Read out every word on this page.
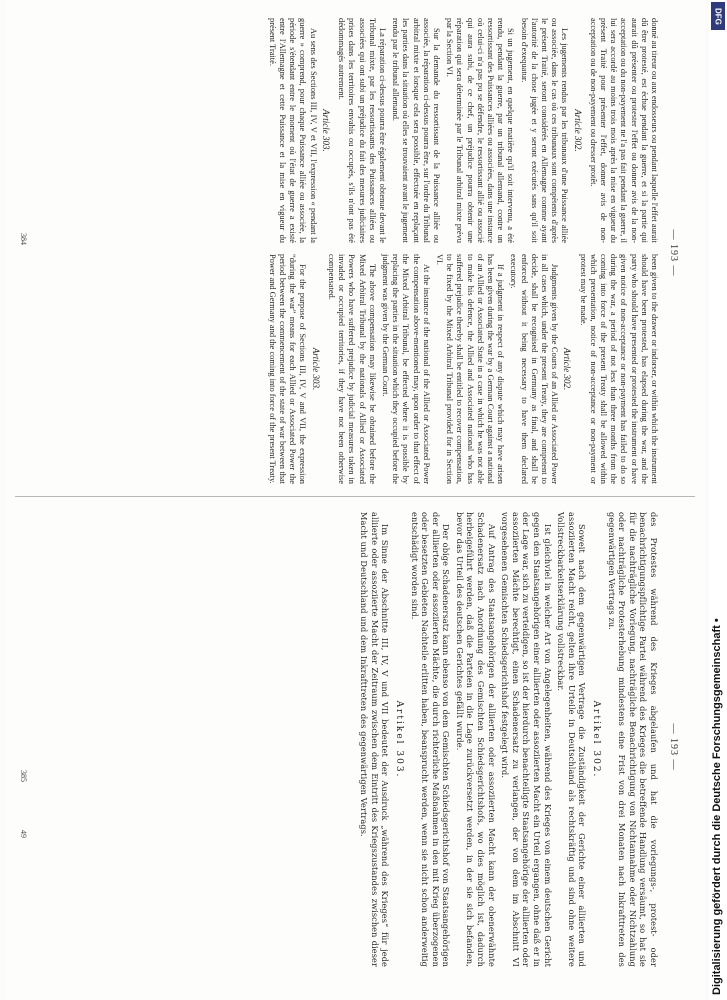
— 193 —

donné au tireur ou aux endosseurs ou pendant laquelle l'effet aurait dû être protesté, est échue pendant la guerre, et si la partie qui aurait dû présenter ou protester l'effet ou donner avis de la non-acceptation ou du non-payement ne l'a pas fait pendant la guerre, il lui sera accordé au moins trois mois après la mise en vigueur du présent Traité pour présenter l'effet, donner avis de non-acceptation ou de non-payement ou dresser protêt.

Article 302.

Les jugements rendus par les tribunaux d'une Puissance alliée ou associée, dans le cas où ces tribunaux sont compétents d'après le présent Traité, seront considérés en Allemagne comme ayant l'autorité de la chose jugée et y seront exécutés sans qu'il soit besoin d'exequatur.

Si un jugement, en quelque matière qu'il soit intervenu, a été rendu, pendant la guerre, par un tribunal allemand, contre un ressortissant des Puissances alliées ou associées, dans une instance où celui-ci n'a pas pu se défendre, le ressortissant allié ou associé qui aura subi, de ce chef, un préjudice pourra obtenir une réparation qui sera déterminée par le Tribunal arbitral mixte prévu par la Section VI.

Sur la demande du ressortissant de la Puissance alliée ou associée, la réparation ci-dessus pourra être, sur l'ordre du Tribunal arbitral mixte et lorsque cela sera possible, effectuée en replaçant les parties dans la situation où elles se trouvaient avant le jugement rendu par le tribunal allemand.

La réparation ci-dessus pourra être également obtenue devant le Tribunal mixte, par les ressortissants des Puissances alliées ou associées qui ont subi un préjudice du fait des mesures judiciaires prises dans les territoires envahis ou occupés, s'ils n'ont pas été dédommagés autrement.

Article 303.

Au sens des Sections III, IV, V et VII, l'expression « pendant la guerre » comprend, pour chaque Puissance alliée ou associée, la période s'étendant entre le moment où l'état de guerre a existé entre l'Allemagne et cette Puissance et la mise en vigueur du présent Traité.

been given to the drawer or indorser, or within which the instrument should have been protested, has elapsed during the war, and the party who should have presented or protested the instrument or have given notice of non-acceptance or non-payment has failed to do so during the war, a period of not less than three months from the coming into force of the present Treaty shall be allowed within which presentation, notice of non-acceptance or non-payment or protest may be made.

Article 302.

Judgments given by the Courts of an Allied or Associated Power in all cases which, under the present Treaty, they are competent to decide, shall be recognised in Germany as final, and shall be enforced without it being necessary to have them declared executory.

If a judgment in respect of any dispute which may have arisen has been given during the war by a German Court against a national of an Allied or Associated State in a case in which he was not able to make his defence, the Allied and Associated national who has suffered prejudice thereby shall be entitled to recover compensation, to be fixed by the Mixed Arbitral Tribunal provided for in Section VI.

At the instance of the national of the Allied or Associated Power the compensation above-mentioned may, upon order to that effect of the Mixed Arbitral Tribunal, be effected where it is possible by replacing the parties in the situation which they occupied before the judgment was given by the German Court.

The above compensation may likewise be obtained before the Mixed Arbitral Tribunal by the nationals of Allied or Associated Powers who have suffered prejudice by judicial measures taken in invaded or occupied territories, if they have not been otherwise compensated.

Article 303.

For the purpose of Sections III, IV, V and VII, the expression “during the war” means for each Allied or Associated Power the period between the commencement of the state of war between that Power and Germany and the coming into force of the present Treaty.

384
— 193 —

des Protestes während des Krieges abgelaufen und hat die vorlegungs-, protest- oder benachrichtigungspflichtige Partei während des Krieges die betreffende Handlung versäumt, so hat sie für die nachträgliche Vorlegung, nachträgliche Benachrichtigung von Nichtannahme oder Nichtzahlung oder nachträgliche Protesterhebung mindestens eine Frist von drei Monaten nach Inkrafttreten des gegenwärtigen Vertrags zu.

Artikel 302.

Soweit nach dem gegenwärtigen Vertrage die Zuständigkeit der Gerichte einer alliierten und assoziierten Macht reicht, gelten ihre Urteile in Deutschland als rechtskräftig und sind ohne weitere Vollstreckbarkeitserklärung vollstreckbar.

Ist gleichviel in welcher Art von Angelegenheiten, während des Krieges von einem deutschen Gericht gegen den Staatsangehörigen einer alliierten oder assoziierten Macht ein Urteil ergangen, ohne daß er in der Lage war, sich zu verteidigen, so ist der hierdurch benachteiligte Staatsangehörige der alliierten oder assoziierten Mächte berechtigt, einen Schadenersatz zu verlangen, der von dem im Abschnitt VI vorgesehenen Gemischten Schiedsgerichtshof festgelegt wird.

Auf Antrag des Staatsangehörigen der alliierten oder assoziierten Macht kann der obenerwähnte Schadenersatz nach Anordnung des Gemischten Schiedsgerichtshofs, wo dies möglich ist, dadurch herbeigeführt werden, daß die Parteien in die Lage zurückversetzt werden, in der sie sich befanden, bevor das Urteil des deutschen Gerichtes gefällt wurde.

Der obige Schadenersatz kann ebenso von dem Gemischten Schiedsgerichtshof von Staatsangehörigen der alliierten oder assoziierten Mächte, die durch richterliche Maßnahmen in den mit Krieg überzogenen oder besetzten Gebieten Nachteile erlitten haben, beansprucht werden, wenn sie nicht schon anderweitig entschädigt worden sind.

Artikel 303.

Im Sinne der Abschnitte III, IV, V und VII bedeutet der Ausdruck „während des Krieges“ für jede alliierte oder assoziierte Macht der Zeitraum zwischen dem Eintritt des Kriegszustandes zwischen dieser Macht und Deutschland und dem Inkrafttreten des gegenwärtigen Vertrags.

385
49
DFG
Digitalisierung gefördert durch die Deutsche Forschungsgemeinschaft •
